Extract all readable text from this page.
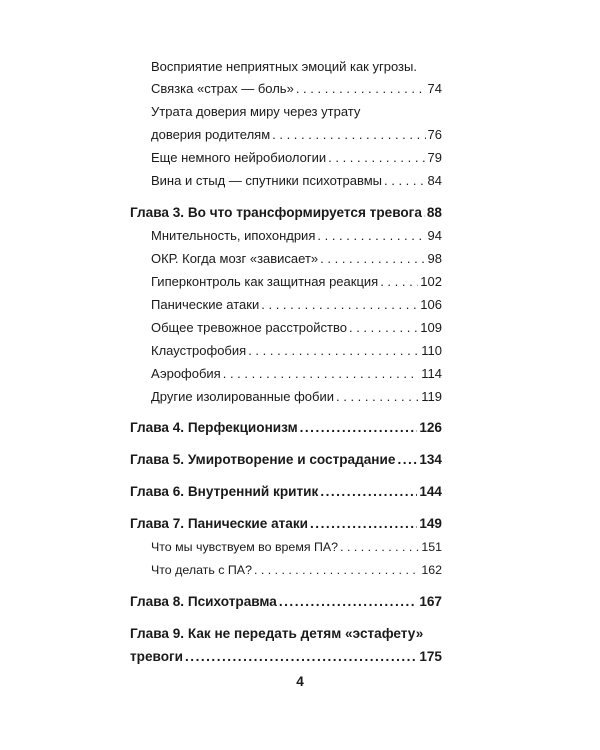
Восприятие неприятных эмоций как угрозы.
Связка «страх — боль» . . .	74
Утрата доверия миру через утрату
доверия родителям . . .	76
Еще немного нейробиологии . . .	79
Вина и стыд — спутники психотравмы . . .	84
Глава 3. Во что трансформируется тревога ..... 88
Мнительность, ипохондрия . . .	94
ОКР. Когда мозг «зависает» . . .	98
Гиперконтроль как защитная реакция . . .	102
Панические атаки . . .	106
Общее тревожное расстройство . . .	109
Клаустрофобия . . .	110
Аэрофобия . . .	114
Другие изолированные фобии . . .	119
Глава 4. Перфекционизм .....	126
Глава 5. Умиротворение и сострадание ..... 134
Глава 6. Внутренний критик .....	144
Глава 7. Панические атаки .....	149
Что мы чувствуем во время ПА? . . .	151
Что делать с ПА? . . .	162
Глава 8. Психотравма .....	167
Глава 9. Как не передать детям «эстафету»
тревоги .....	175
4
